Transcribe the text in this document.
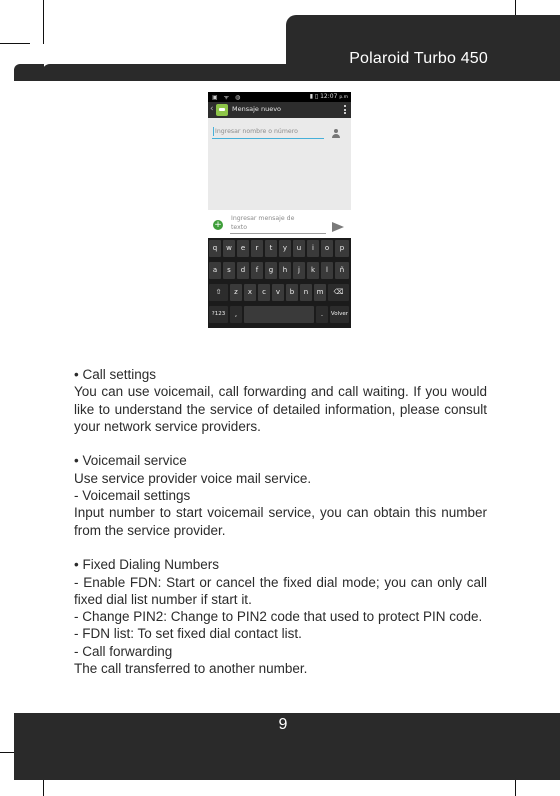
Polaroid Turbo 450
▣ ᯤ ◍	▮ ▯ 12:07 p.m
‹	Mensaje nuevo
Ingresar nombre o número
+
Ingresar mensaje de texto
q	w	e	r	t	y	u	i	o	p
a	s	d	f	g	h	j	k	l	ñ
⇧	z	x	c	v	b	n	m	⌫
?123	,	.	Volver

• Call settings

You can use voicemail, call forwarding and call waiting. If you would like to understand the service of detailed information, please consult your network service providers.

• Voicemail service

Use service provider voice mail service.

- Voicemail settings

Input number to start voicemail service, you can obtain this number from the service provider.

• Fixed Dialing Numbers

- Enable FDN: Start or cancel the fixed dial mode; you can only call fixed dial list number if start it.

- Change PIN2: Change to PIN2 code that used to protect PIN code.

- FDN list: To set fixed dial contact list.

- Call forwarding

The call transferred to another number.

9
